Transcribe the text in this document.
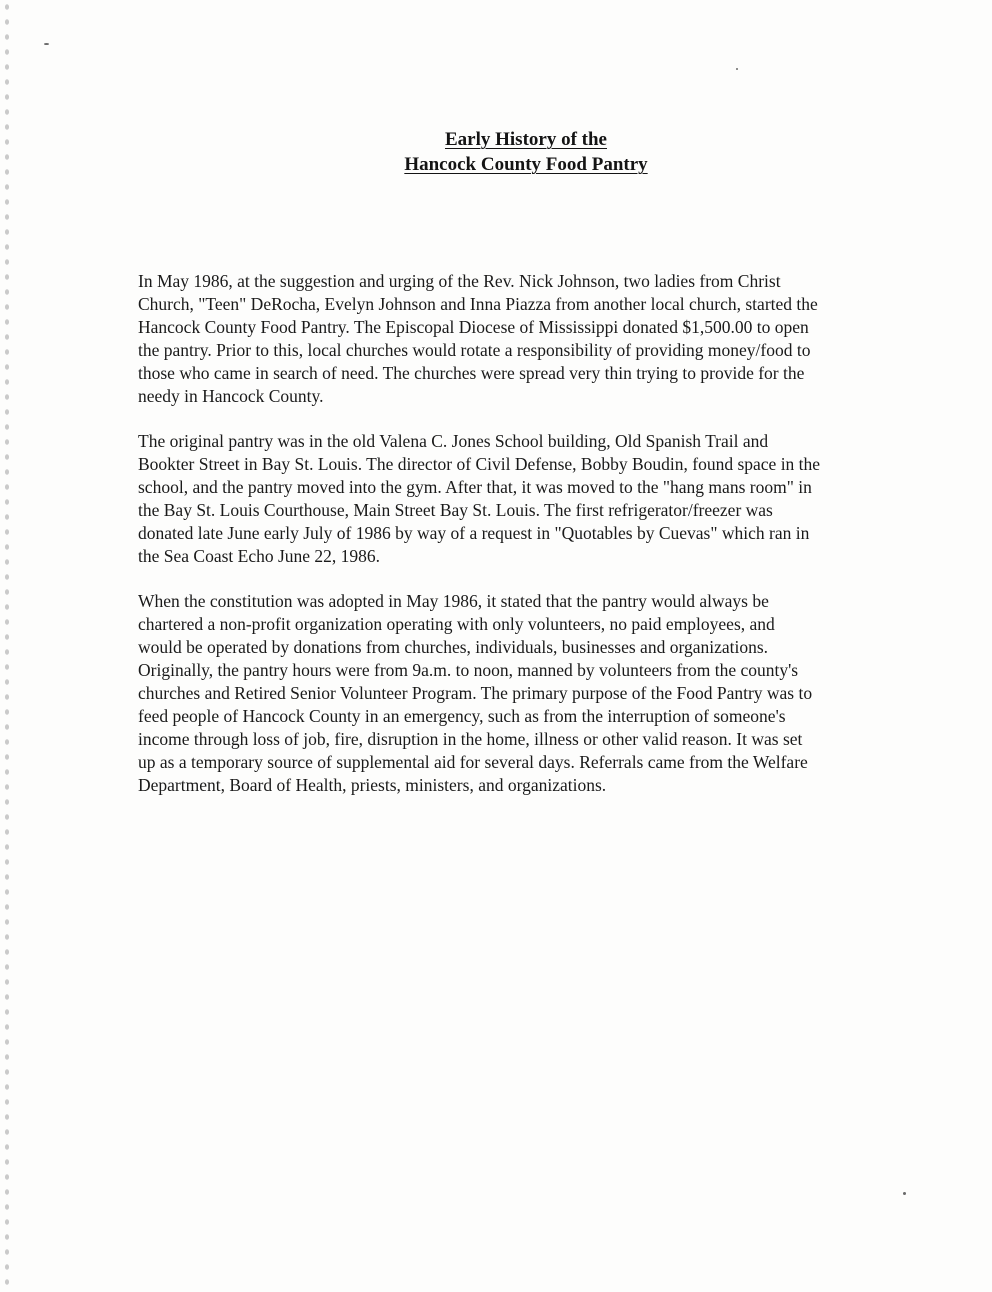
Early History of the
Hancock County Food Pantry

In May 1986, at the suggestion and urging of the Rev. Nick Johnson, two ladies from Christ
Church, "Teen" DeRocha, Evelyn Johnson and Inna Piazza from another local church, started the
Hancock County Food Pantry. The Episcopal Diocese of Mississippi donated $1,500.00 to open
the pantry. Prior to this, local churches would rotate a responsibility of providing money/food to
those who came in search of need. The churches were spread very thin trying to provide for the
needy in Hancock County.

The original pantry was in the old Valena C. Jones School building, Old Spanish Trail and
Bookter Street in Bay St. Louis. The director of Civil Defense, Bobby Boudin, found space in the
school, and the pantry moved into the gym. After that, it was moved to the "hang mans room" in
the Bay St. Louis Courthouse, Main Street Bay St. Louis. The first refrigerator/freezer was
donated late June early July of 1986 by way of a request in "Quotables by Cuevas" which ran in
the Sea Coast Echo June 22, 1986.

When the constitution was adopted in May 1986, it stated that the pantry would always be
chartered a non-profit organization operating with only volunteers, no paid employees, and
would be operated by donations from churches, individuals, businesses and organizations.
Originally, the pantry hours were from 9a.m. to noon, manned by volunteers from the county's
churches and Retired Senior Volunteer Program. The primary purpose of the Food Pantry was to
feed people of Hancock County in an emergency, such as from the interruption of someone's
income through loss of job, fire, disruption in the home, illness or other valid reason. It was set
up as a temporary source of supplemental aid for several days. Referrals came from the Welfare
Department, Board of Health, priests, ministers, and organizations.
